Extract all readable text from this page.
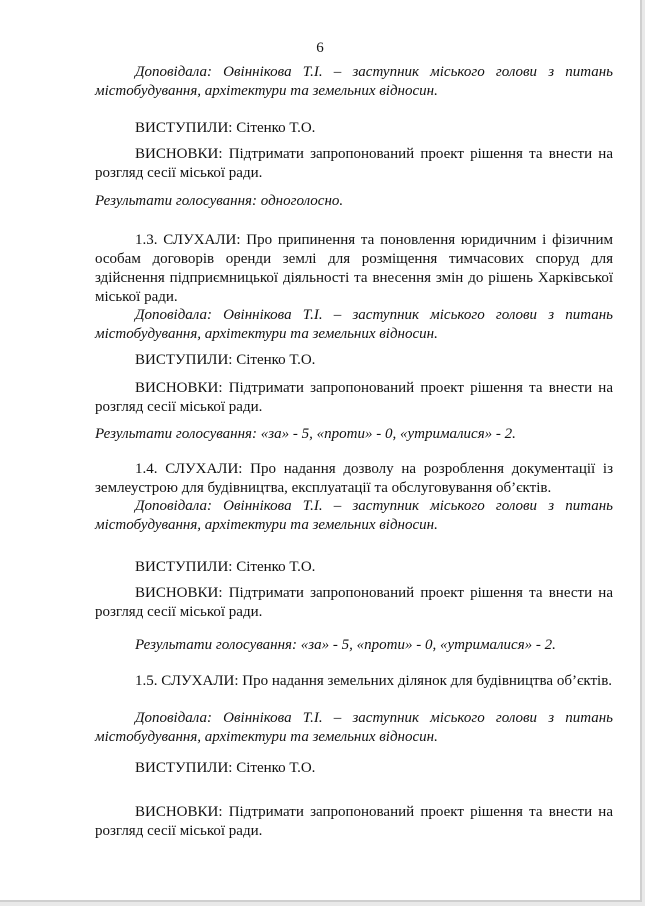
6

Доповідала: Овіннікова Т.І. – заступник міського голови з питань містобудування, архітектури та земельних відносин.

ВИСТУПИЛИ: Сітенко Т.О.

ВИСНОВКИ: Підтримати запропонований проект рішення та внести на розгляд сесії міської ради.

Результати голосування: одноголосно.

1.3. СЛУХАЛИ: Про припинення та поновлення юридичним і фізичним особам договорів оренди землі для розміщення тимчасових споруд для здійснення підприємницької діяльності та внесення змін до рішень Харківської міської ради.

Доповідала: Овіннікова Т.І. – заступник міського голови з питань містобудування, архітектури та земельних відносин.

ВИСТУПИЛИ: Сітенко Т.О.

ВИСНОВКИ: Підтримати запропонований проект рішення та внести на розгляд сесії міської ради.

Результати голосування: «за» - 5, «проти» - 0, «утрималися» - 2.

1.4. СЛУХАЛИ: Про надання дозволу на розроблення документації із землеустрою для будівництва, експлуатації та обслуговування об’єктів.

Доповідала: Овіннікова Т.І. – заступник міського голови з питань містобудування, архітектури та земельних відносин.

ВИСТУПИЛИ: Сітенко Т.О.

ВИСНОВКИ: Підтримати запропонований проект рішення та внести на розгляд сесії міської ради.

Результати голосування: «за» - 5, «проти» - 0, «утрималися» - 2.

1.5. СЛУХАЛИ: Про надання земельних ділянок для будівництва об’єктів.

Доповідала: Овіннікова Т.І. – заступник міського голови з питань містобудування, архітектури та земельних відносин.

ВИСТУПИЛИ: Сітенко Т.О.

ВИСНОВКИ: Підтримати запропонований проект рішення та внести на розгляд сесії міської ради.
